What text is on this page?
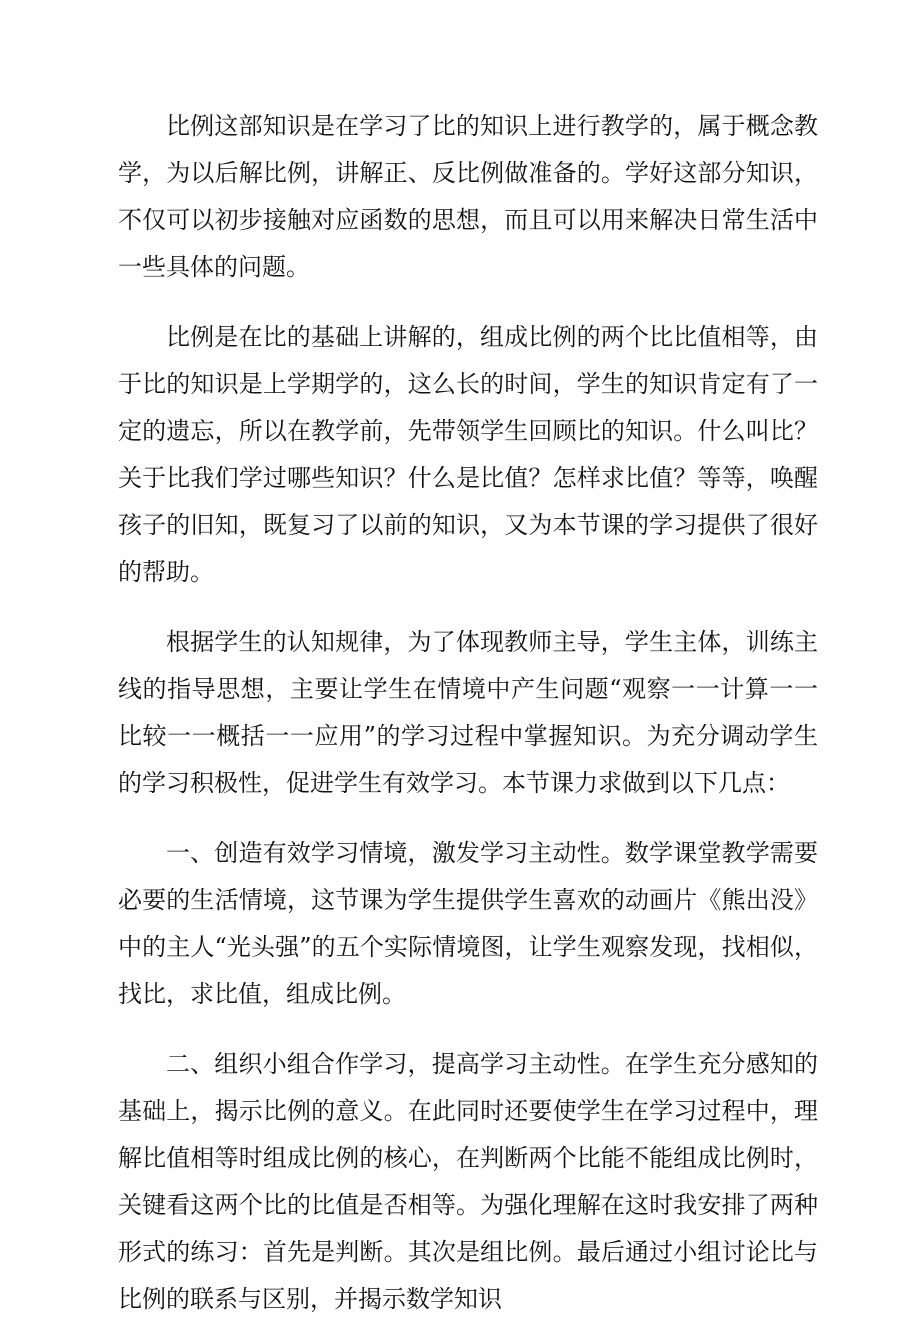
比例这部知识是在学习了比的知识上进行教学的，属于概念教学，为以后解比例，讲解正、反比例做准备的。学好这部分知识，不仅可以初步接触对应函数的思想，而且可以用来解决日常生活中一些具体的问题。

比例是在比的基础上讲解的，组成比例的两个比比值相等，由于比的知识是上学期学的，这么长的时间，学生的知识肯定有了一定的遗忘，所以在教学前，先带领学生回顾比的知识。什么叫比？关于比我们学过哪些知识？什么是比值？怎样求比值？等等，唤醒孩子的旧知，既复习了以前的知识，又为本节课的学习提供了很好的帮助。

根据学生的认知规律，为了体现教师主导，学生主体，训练主线的指导思想，主要让学生在情境中产生问题“观察一一计算一一比较一一概括一一应用”的学习过程中掌握知识。为充分调动学生的学习积极性，促进学生有效学习。本节课力求做到以下几点：

一、创造有效学习情境，激发学习主动性。数学课堂教学需要必要的生活情境，这节课为学生提供学生喜欢的动画片《熊出没》中的主人“光头强”的五个实际情境图，让学生观察发现，找相似，找比，求比值，组成比例。

二、组织小组合作学习，提高学习主动性。在学生充分感知的基础上，揭示比例的意义。在此同时还要使学生在学习过程中，理解比值相等时组成比例的核心，在判断两个比能不能组成比例时，关键看这两个比的比值是否相等。为强化理解在这时我安排了两种形式的练习：首先是判断。其次是组比例。最后通过小组讨论比与比例的联系与区别，并揭示数学知识
